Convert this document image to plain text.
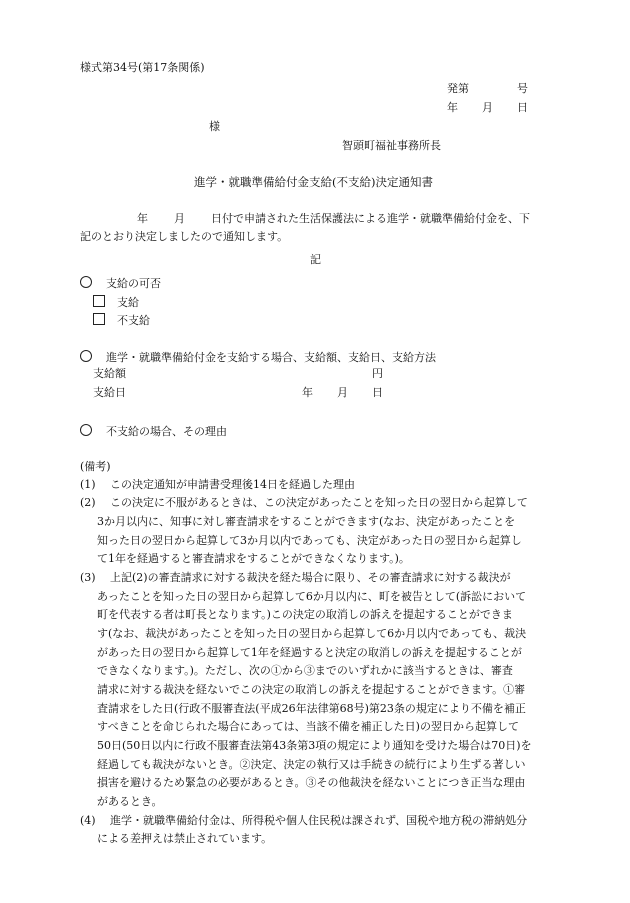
様式第34号(第17条関係)
発第	号
年 月 日
様
智頭町福祉事務所長
進学・就職準備給付金支給(不支給)決定通知書
年 月 日付で申請された生活保護法による進学・就職準備給付金を、下
記のとおり決定しましたので通知します。
記
支給の可否
支給
不支給
進学・就職準備給付金を支給する場合、支給額、支給日、支給方法
支給額	円
支給日	年 月 日
不支給の場合、その理由
(備考)
(1) この決定通知が申請書受理後14日を経過した理由
(2) この決定に不服があるときは、この決定があったことを知った日の翌日から起算して
3か月以内に、知事に対し審査請求をすることができます(なお、決定があったことを
知った日の翌日から起算して3か月以内であっても、決定があった日の翌日から起算し
て1年を経過すると審査請求をすることができなくなります。)。
(3) 上記(2)の審査請求に対する裁決を経た場合に限り、その審査請求に対する裁決が
あったことを知った日の翌日から起算して6か月以内に、町を被告として(訴訟において
町を代表する者は町長となります。)この決定の取消しの訴えを提起することができま
す(なお、裁決があったことを知った日の翌日から起算して6か月以内であっても、裁決
があった日の翌日から起算して1年を経過すると決定の取消しの訴えを提起することが
できなくなります。)。ただし、次の①から③までのいずれかに該当するときは、審査
請求に対する裁決を経ないでこの決定の取消しの訴えを提起することができます。①審
査請求をした日(行政不服審査法(平成26年法律第68号)第23条の規定により不備を補正
すべきことを命じられた場合にあっては、当該不備を補正した日)の翌日から起算して
50日(50日以内に行政不服審査法第43条第3項の規定により通知を受けた場合は70日)を
経過しても裁決がないとき。②決定、決定の執行又は手続きの続行により生ずる著しい
損害を避けるため緊急の必要があるとき。③その他裁決を経ないことにつき正当な理由
があるとき。
(4) 進学・就職準備給付金は、所得税や個人住民税は課されず、国税や地方税の滞納処分
による差押えは禁止されています。
